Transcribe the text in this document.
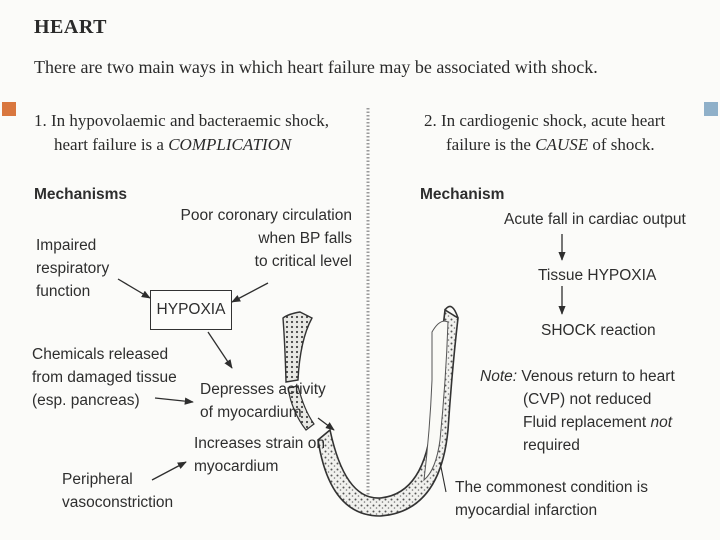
HEART
There are two main ways in which heart failure may be associated with shock.
1. In hypovolaemic and bacteraemic shock,
heart failure is a COMPLICATION
Mechanisms
Impaired
respiratory
function
Poor coronary circulation
when BP falls
to critical level
HYPOXIA
Chemicals released
from damaged tissue
(esp. pancreas)
Depresses activity
of myocardium
Increases strain on
myocardium
Peripheral
vasoconstriction
2. In cardiogenic shock, acute heart
failure is the CAUSE of shock.
Mechanism
Acute fall in cardiac output
Tissue HYPOXIA
SHOCK reaction
Note: Venous return to heart
(CVP) not reduced
Fluid replacement not
required
The commonest condition is
myocardial infarction
